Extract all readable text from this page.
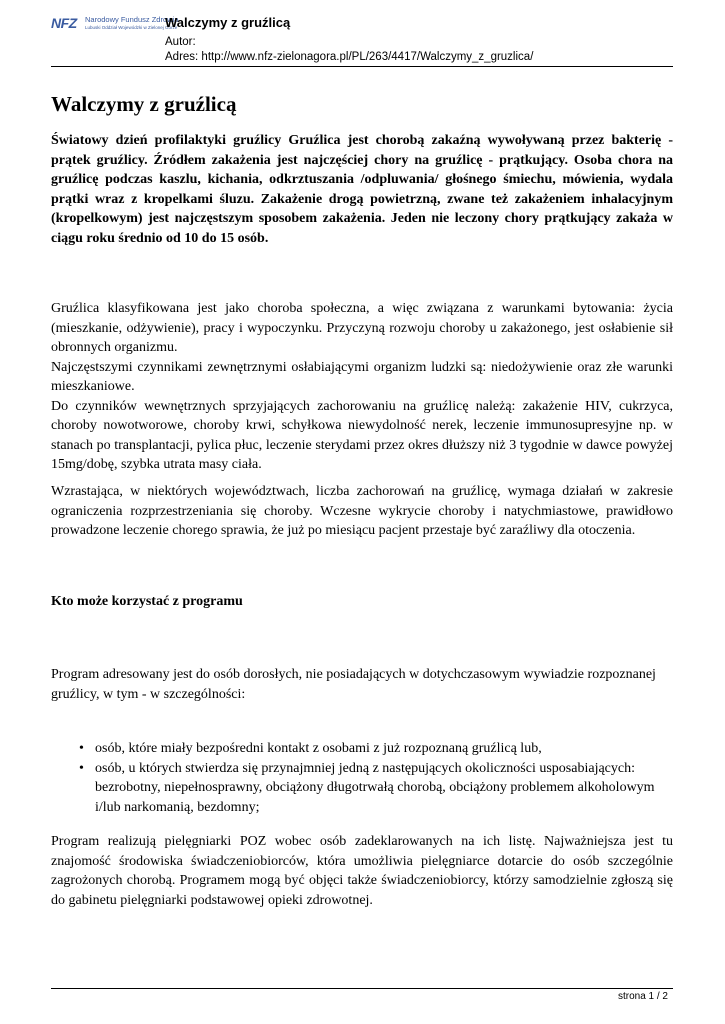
NFZ Narodowy Fundusz Zdrowia
Lubuski Oddział Wojewódzki w Zielonej Górze
Walczymy z gruźlicą
Autor:
Adres: http://www.nfz-zielonagora.pl/PL/263/4417/Walczymy_z_gruzlica/
Walczymy z gruźlicą

Światowy dzień profilaktyki gruźlicy Gruźlica jest chorobą zakaźną wywoływaną przez bakterię - prątek gruźlicy. Źródłem zakażenia jest najczęściej chory na gruźlicę - prątkujący. Osoba chora na gruźlicę podczas kaszlu, kichania, odkrztuszania /odpluwania/ głośnego śmiechu, mówienia, wydala prątki wraz z kropelkami śluzu. Zakażenie drogą powietrzną, zwane też zakażeniem inhalacyjnym (kropelkowym) jest najczęstszym sposobem zakażenia. Jeden nie leczony chory prątkujący zakaża w ciągu roku średnio od 10 do 15 osób.

Gruźlica klasyfikowana jest jako choroba społeczna, a więc związana z warunkami bytowania: życia (mieszkanie, odżywienie), pracy i wypoczynku. Przyczyną rozwoju choroby u zakażonego, jest osłabienie sił obronnych organizmu.
Najczęstszymi czynnikami zewnętrznymi osłabiającymi organizm ludzki są: niedożywienie oraz złe warunki mieszkaniowe.
Do czynników wewnętrznych sprzyjających zachorowaniu na gruźlicę należą: zakażenie HIV, cukrzyca, choroby nowotworowe, choroby krwi, schyłkowa niewydolność nerek, leczenie immunosupresyjne np. w stanach po transplantacji, pylica płuc, leczenie sterydami przez okres dłuższy niż 3 tygodnie w dawce powyżej 15mg/dobę, szybka utrata masy ciała.

Wzrastająca, w niektórych województwach, liczba zachorowań na gruźlicę, wymaga działań w zakresie ograniczenia rozprzestrzeniania się choroby. Wczesne wykrycie choroby i natychmiastowe, prawidłowo prowadzone leczenie chorego sprawia, że już po miesiącu pacjent przestaje być zaraźliwy dla otoczenia.

Kto może korzystać z programu

Program adresowany jest do osób dorosłych, nie posiadających w dotychczasowym wywiadzie rozpoznanej gruźlicy, w tym - w szczególności:

• osób, które miały bezpośredni kontakt z osobami z już rozpoznaną gruźlicą lub,
• osób, u których stwierdza się przynajmniej jedną z następujących okoliczności usposabiających: bezrobotny, niepełnosprawny, obciążony długotrwałą chorobą, obciążony problemem alkoholowym i/lub narkomanią, bezdomny;

Program realizują pielęgniarki POZ wobec osób zadeklarowanych na ich listę. Najważniejsza jest tu znajomość środowiska świadczeniobiorców, która umożliwia pielęgniarce dotarcie do osób szczególnie zagrożonych chorobą. Programem mogą być objęci także świadczeniobiorcy, którzy samodzielnie zgłoszą się do gabinetu pielęgniarki podstawowej opieki zdrowotnej.

strona 1 / 2
